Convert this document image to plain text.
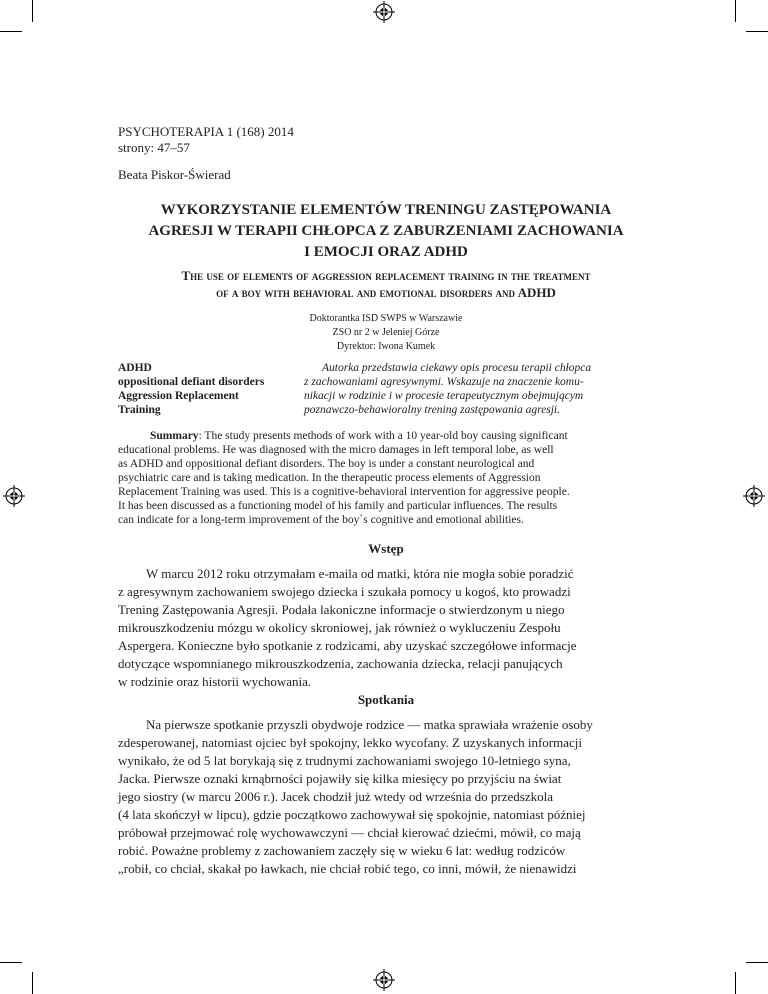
PSYCHOTERAPIA 1 (168) 2014
strony: 47–57
Beata Piskor-Świerad
WYKORZYSTANIE ELEMENTÓW TRENINGU ZASTĘPOWANIA
AGRESJI W TERAPII CHŁOPCA Z ZABURZENIAMI ZACHOWANIA
I EMOCJI ORAZ ADHD
The use of elements of aggression replacement training in the treatment
of a boy with behavioral and emotional disorders and ADHD
Doktorantka ISD SWPS w Warszawie
ZSO nr 2 w Jeleniej Górze
Dyrektor: Iwona Kumek
ADHD
oppositional defiant disorders
Aggression Replacement
Training
Autorka przedstawia ciekawy opis procesu terapii chłopca
z zachowaniami agresywnymi. Wskazuje na znaczenie komu-
nikacji w rodzinie i w procesie terapeutycznym obejmującym
poznawczo-behawioralny trening zastępowania agresji.
Summary: The study presents methods of work with a 10 year-old boy causing significant
educational problems. He was diagnosed with the micro damages in left temporal lobe, as well
as ADHD and oppositional defiant disorders. The boy is under a constant neurological and
psychiatric care and is taking medication. In the therapeutic process elements of Aggression
Replacement Training was used. This is a cognitive-behavioral intervention for aggressive people.
It has been discussed as a functioning model of his family and particular influences. The results
can indicate for a long-term improvement of the boy`s cognitive and emotional abilities.
Wstęp
W marcu 2012 roku otrzymałam e-maila od matki, która nie mogła sobie poradzić
z agresywnym zachowaniem swojego dziecka i szukała pomocy u kogoś, kto prowadzi
Trening Zastępowania Agresji. Podała lakoniczne informacje o stwierdzonym u niego
mikrouszkodzeniu mózgu w okolicy skroniowej, jak również o wykluczeniu Zespołu
Aspergera. Konieczne było spotkanie z rodzicami, aby uzyskać szczegółowe informacje
dotyczące wspomnianego mikrouszkodzenia, zachowania dziecka, relacji panujących
w rodzinie oraz historii wychowania.
Spotkania
Na pierwsze spotkanie przyszli obydwoje rodzice — matka sprawiała wrażenie osoby
zdesperowanej, natomiast ojciec był spokojny, lekko wycofany. Z uzyskanych informacji
wynikało, że od 5 lat borykają się z trudnymi zachowaniami swojego 10-letniego syna,
Jacka. Pierwsze oznaki krnąbrności pojawiły się kilka miesięcy po przyjściu na świat
jego siostry (w marcu 2006 r.). Jacek chodził już wtedy od września do przedszkola
(4 lata skończył w lipcu), gdzie początkowo zachowywał się spokojnie, natomiast później
próbował przejmować rolę wychowawczyni — chciał kierować dziećmi, mówił, co mają
robić. Poważne problemy z zachowaniem zaczęły się w wieku 6 lat: według rodziców
„robił, co chciał, skakał po ławkach, nie chciał robić tego, co inni, mówił, że nienawidzi
